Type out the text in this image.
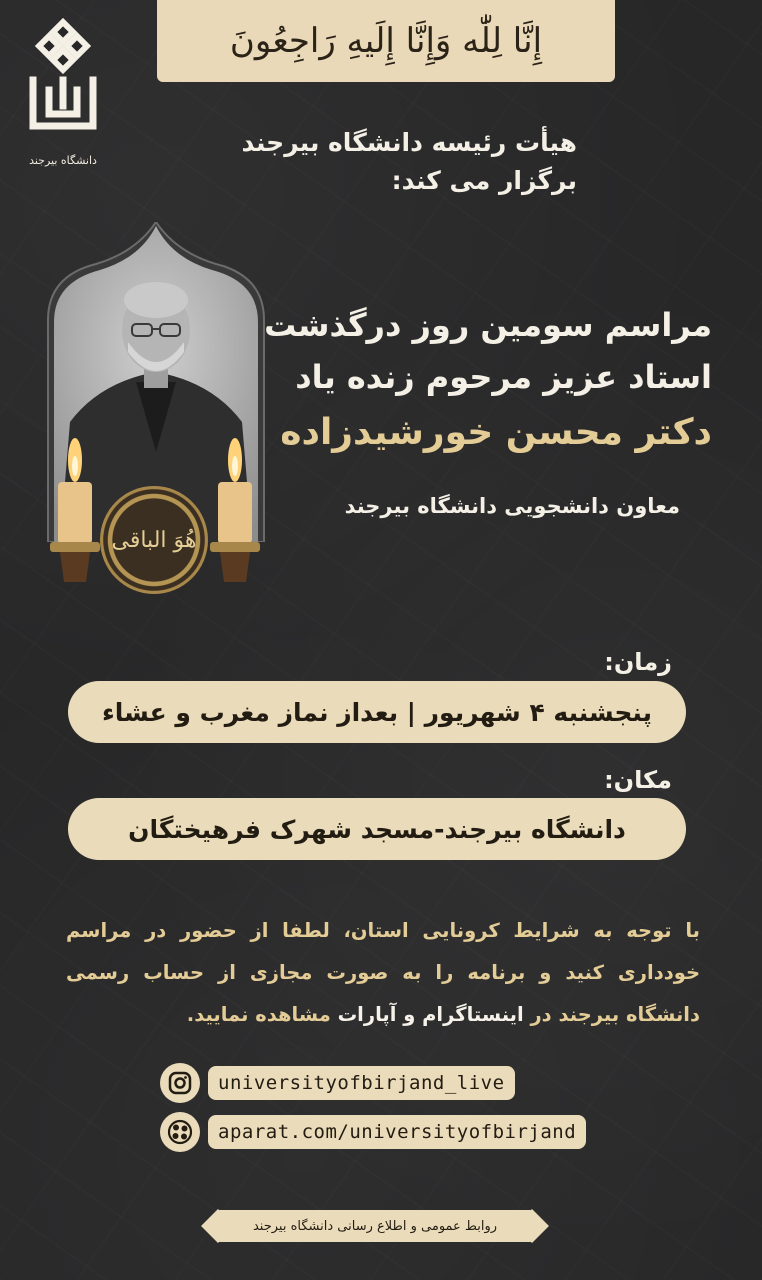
إِنَّا لِلّٰه وَإِنَّا إِلَيهِ رَاجِعُونَ
دانشگاه بیرجند
هیأت رئیسه دانشگاه بیرجند
برگزار می کند:
هُوَ الباقی
مراسم سومین روز درگذشت
استاد عزیز مرحوم زنده یاد
دکتر محسن خورشیدزاده
معاون دانشجویی دانشگاه بیرجند
زمان:
پنجشنبه ۴ شهریور | بعداز نماز مغرب و عشاء
مکان:
دانشگاه بیرجند-مسجد شهرک فرهیختگان

با توجه به شرایط کرونایی استان، لطفا از حضور در مراسم خودداری کنید و برنامه را به صورت مجازی از حساب رسمی دانشگاه بیرجند در اینستاگرام و آپارات مشاهده نمایید.

universityofbirjand_live
aparat.com/universityofbirjand
روابط عمومی و اطلاع رسانی دانشگاه بیرجند
